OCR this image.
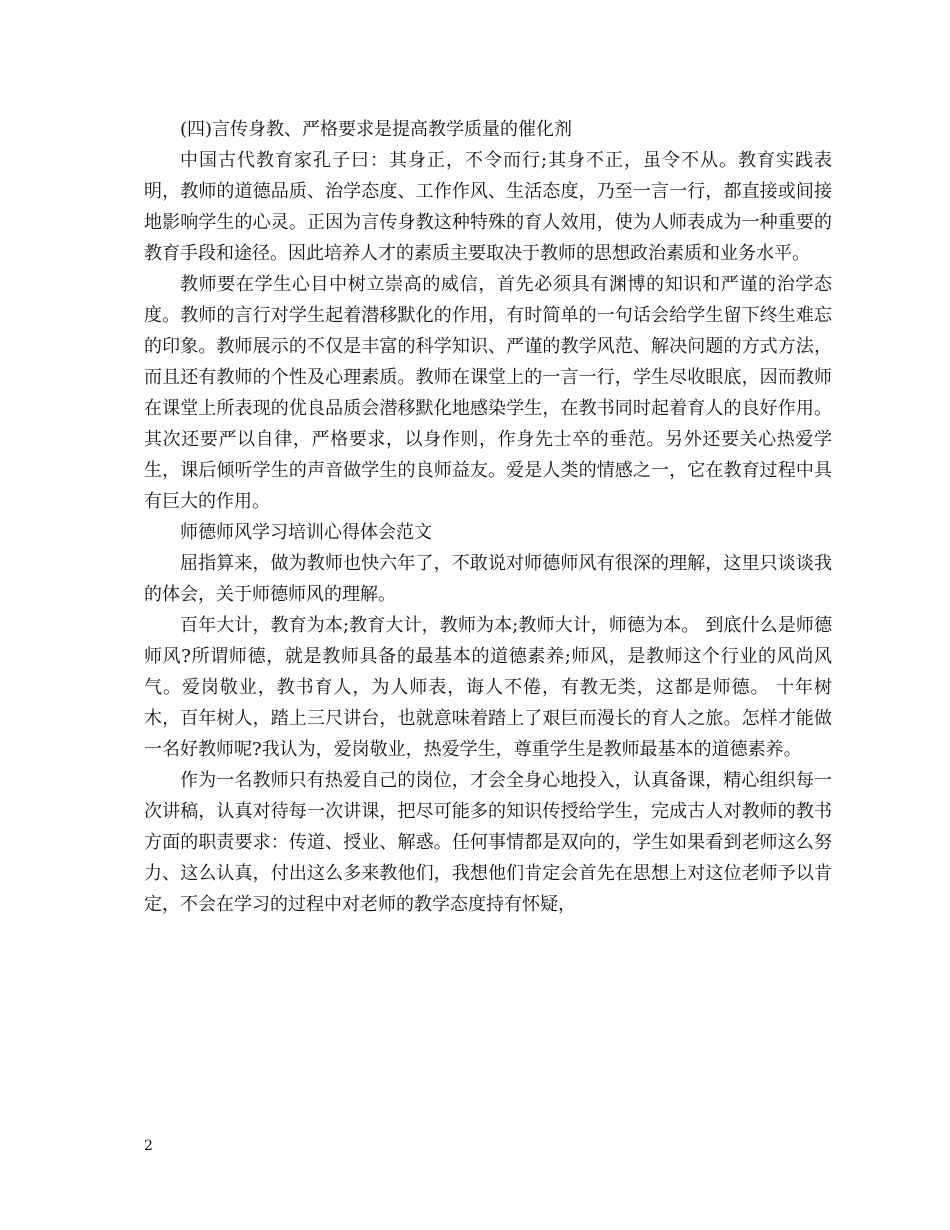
(四)言传身教、严格要求是提高教学质量的催化剂

中国古代教育家孔子曰：其身正，不令而行;其身不正，虽令不从。教育实践表明，教师的道德品质、治学态度、工作作风、生活态度，乃至一言一行，都直接或间接地影响学生的心灵。正因为言传身教这种特殊的育人效用，使为人师表成为一种重要的教育手段和途径。因此培养人才的素质主要取决于教师的思想政治素质和业务水平。

教师要在学生心目中树立崇高的威信，首先必须具有渊博的知识和严谨的治学态度。教师的言行对学生起着潜移默化的作用，有时简单的一句话会给学生留下终生难忘的印象。教师展示的不仅是丰富的科学知识、严谨的教学风范、解决问题的方式方法，而且还有教师的个性及心理素质。教师在课堂上的一言一行，学生尽收眼底，因而教师在课堂上所表现的优良品质会潜移默化地感染学生，在教书同时起着育人的良好作用。其次还要严以自律，严格要求，以身作则，作身先士卒的垂范。另外还要关心热爱学生，课后倾听学生的声音做学生的良师益友。爱是人类的情感之一，它在教育过程中具有巨大的作用。

师德师风学习培训心得体会范文

屈指算来，做为教师也快六年了，不敢说对师德师风有很深的理解，这里只谈谈我的体会，关于师德师风的理解。

百年大计，教育为本;教育大计，教师为本;教师大计，师德为本。 到底什么是师德师风?所谓师德，就是教师具备的最基本的道德素养;师风，是教师这个行业的风尚风气。爱岗敬业，教书育人，为人师表，诲人不倦，有教无类，这都是师德。 十年树木，百年树人，踏上三尺讲台，也就意味着踏上了艰巨而漫长的育人之旅。怎样才能做一名好教师呢?我认为，爱岗敬业，热爱学生，尊重学生是教师最基本的道德素养。

作为一名教师只有热爱自己的岗位，才会全身心地投入，认真备课，精心组织每一次讲稿，认真对待每一次讲课，把尽可能多的知识传授给学生，完成古人对教师的教书方面的职责要求：传道、授业、解惑。任何事情都是双向的，学生如果看到老师这么努力、这么认真，付出这么多来教他们，我想他们肯定会首先在思想上对这位老师予以肯定，不会在学习的过程中对老师的教学态度持有怀疑，

2
